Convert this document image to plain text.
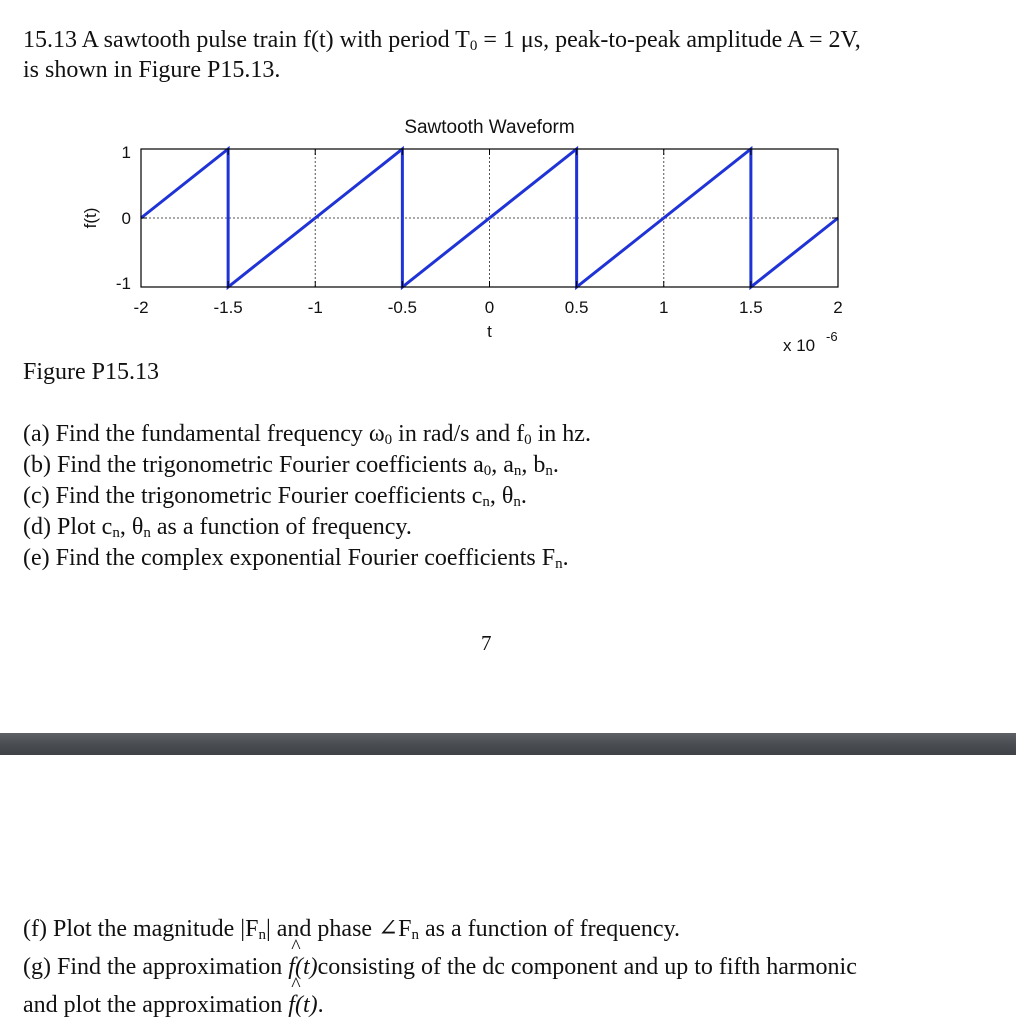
15.13 A sawtooth pulse train f(t) with period $T_0 = 1$ μs, peak-to-peak amplitude A = 2V,
is shown in Figure P15.13.
-2	-1.5	-1	-0.5	0	0.5	1	1.5	2
-1
0
1
Sawtooth Waveform
t
f(t)
x 10 -6
Figure P15.13
(a) Find the fundamental frequency $\omega_0$ in rad/s and $f_0$ in hz.
(b) Find the trigonometric Fourier coefficients $a_0$, $a_n$, $b_n$.
(c) Find the trigonometric Fourier coefficients $c_n$, $\theta_n$.
(d) Plot $c_n$, $\theta_n$ as a function of frequency.
(e) Find the complex exponential Fourier coefficients $F_n$.
7
(f) Plot the magnitude $|F_n|$ and phase $\angle F_n$ as a function of frequency.
(g) Find the approximation
^
f(t)consisting of the dc component and up to fifth harmonic
and plot the approximation
^
f(t).
